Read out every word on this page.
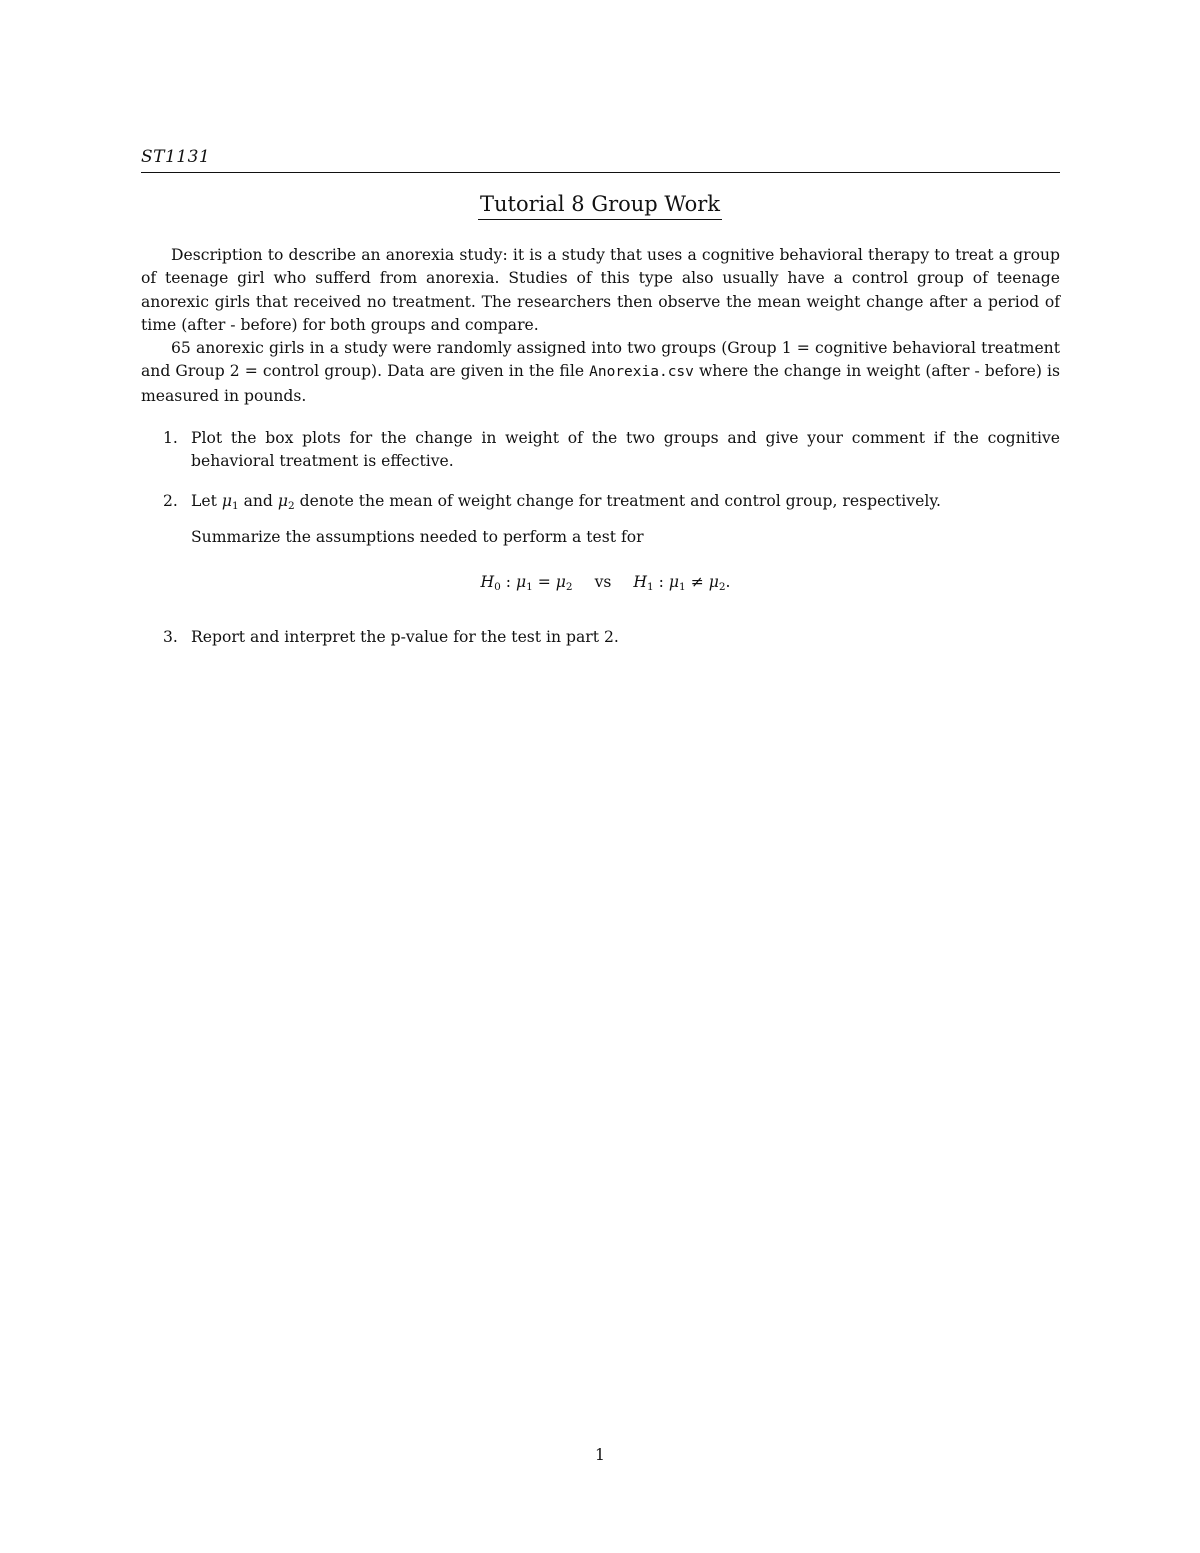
ST1131
Tutorial 8 Group Work

Description to describe an anorexia study: it is a study that uses a cognitive behavioral therapy to treat a group of teenage girl who sufferd from anorexia. Studies of this type also usually have a control group of teenage anorexic girls that received no treatment. The researchers then observe the mean weight change after a period of time (after - before) for both groups and compare.

65 anorexic girls in a study were randomly assigned into two groups (Group 1 = cognitive behavioral treatment and Group 2 = control group). Data are given in the file Anorexia.csv where the change in weight (after - before) is measured in pounds.

1. Plot the box plots for the change in weight of the two groups and give your comment if the cognitive behavioral treatment is effective.
2. Let $\mu_1$ and $\mu_2$ denote the mean of weight change for treatment and control group, respectively.
Summarize the assumptions needed to perform a test for
$H_0$ : $\mu_1 = \mu_2$ vs $H_1$ : $\mu_1 \ne \mu_2$.
3. Report and interpret the p-value for the test in part 2.
1
